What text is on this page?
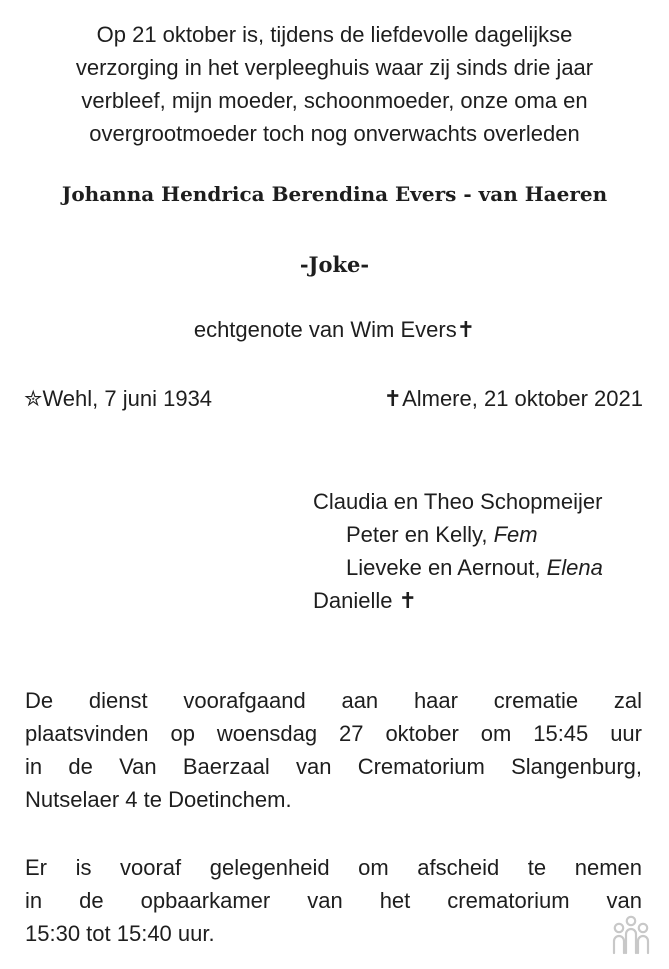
Op 21 oktober is, tijdens de liefdevolle dagelijkse
verzorging in het verpleeghuis waar zij sinds drie jaar
verbleef, mijn moeder, schoonmoeder, onze oma en
overgrootmoeder toch nog onverwachts overleden

Johanna Hendrica Berendina Evers - van Haeren
-Joke-

echtgenote van Wim Evers✝

✮Wehl, 7 juni 1934	✝Almere, 21 oktober 2021
Claudia en Theo Schopmeijer
Peter en Kelly, Fem
Lieveke en Aernout, Elena
Danielle ✝

De dienst voorafgaand aan haar crematie zal
plaatsvinden op woensdag 27 oktober om 15:45 uur
in de Van Baerzaal van Crematorium Slangenburg,
Nutselaer 4 te Doetinchem.

Er is vooraf gelegenheid om afscheid te nemen
in de opbaarkamer van het crematorium van
15:30 tot 15:40 uur.
